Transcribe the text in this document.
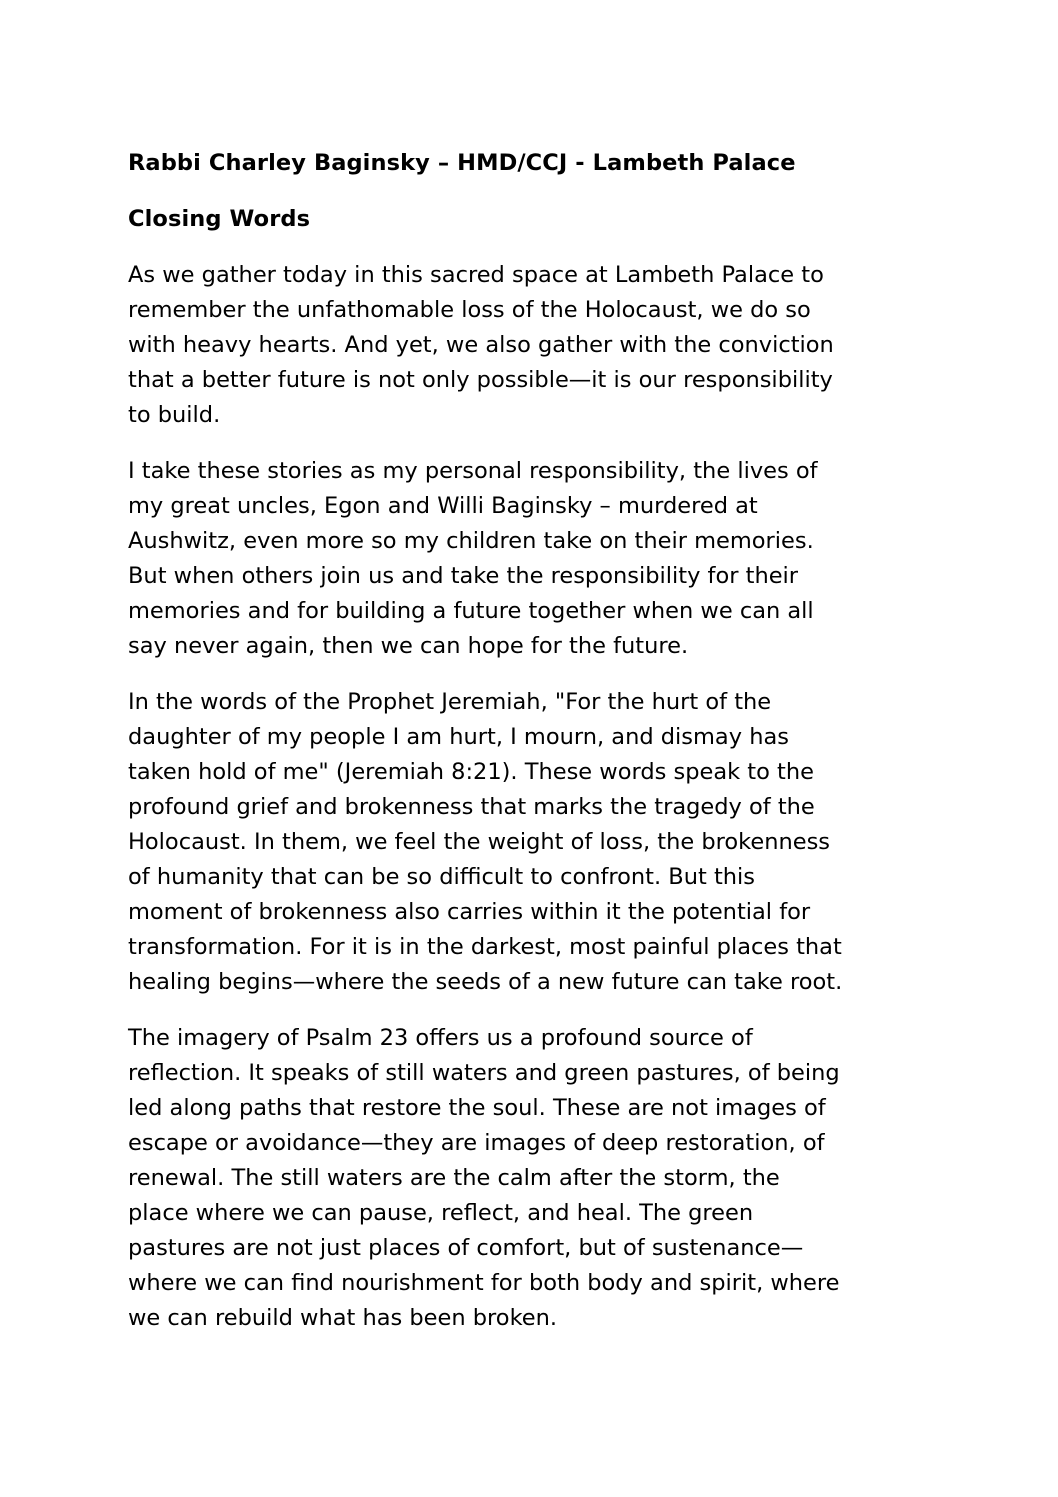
Rabbi Charley Baginsky – HMD/CCJ - Lambeth Palace
Closing Words
As we gather today in this sacred space at Lambeth Palace to
remember the unfathomable loss of the Holocaust, we do so
with heavy hearts. And yet, we also gather with the conviction
that a better future is not only possible—it is our responsibility
to build.
I take these stories as my personal responsibility, the lives of
my great uncles, Egon and Willi Baginsky – murdered at
Aushwitz, even more so my children take on their memories.
But when others join us and take the responsibility for their
memories and for building a future together when we can all
say never again, then we can hope for the future.
In the words of the Prophet Jeremiah, "For the hurt of the
daughter of my people I am hurt, I mourn, and dismay has
taken hold of me" (Jeremiah 8:21). These words speak to the
profound grief and brokenness that marks the tragedy of the
Holocaust. In them, we feel the weight of loss, the brokenness
of humanity that can be so difficult to confront. But this
moment of brokenness also carries within it the potential for
transformation. For it is in the darkest, most painful places that
healing begins—where the seeds of a new future can take root.
The imagery of Psalm 23 offers us a profound source of
reflection. It speaks of still waters and green pastures, of being
led along paths that restore the soul. These are not images of
escape or avoidance—they are images of deep restoration, of
renewal. The still waters are the calm after the storm, the
place where we can pause, reflect, and heal. The green
pastures are not just places of comfort, but of sustenance—
where we can find nourishment for both body and spirit, where
we can rebuild what has been broken.
